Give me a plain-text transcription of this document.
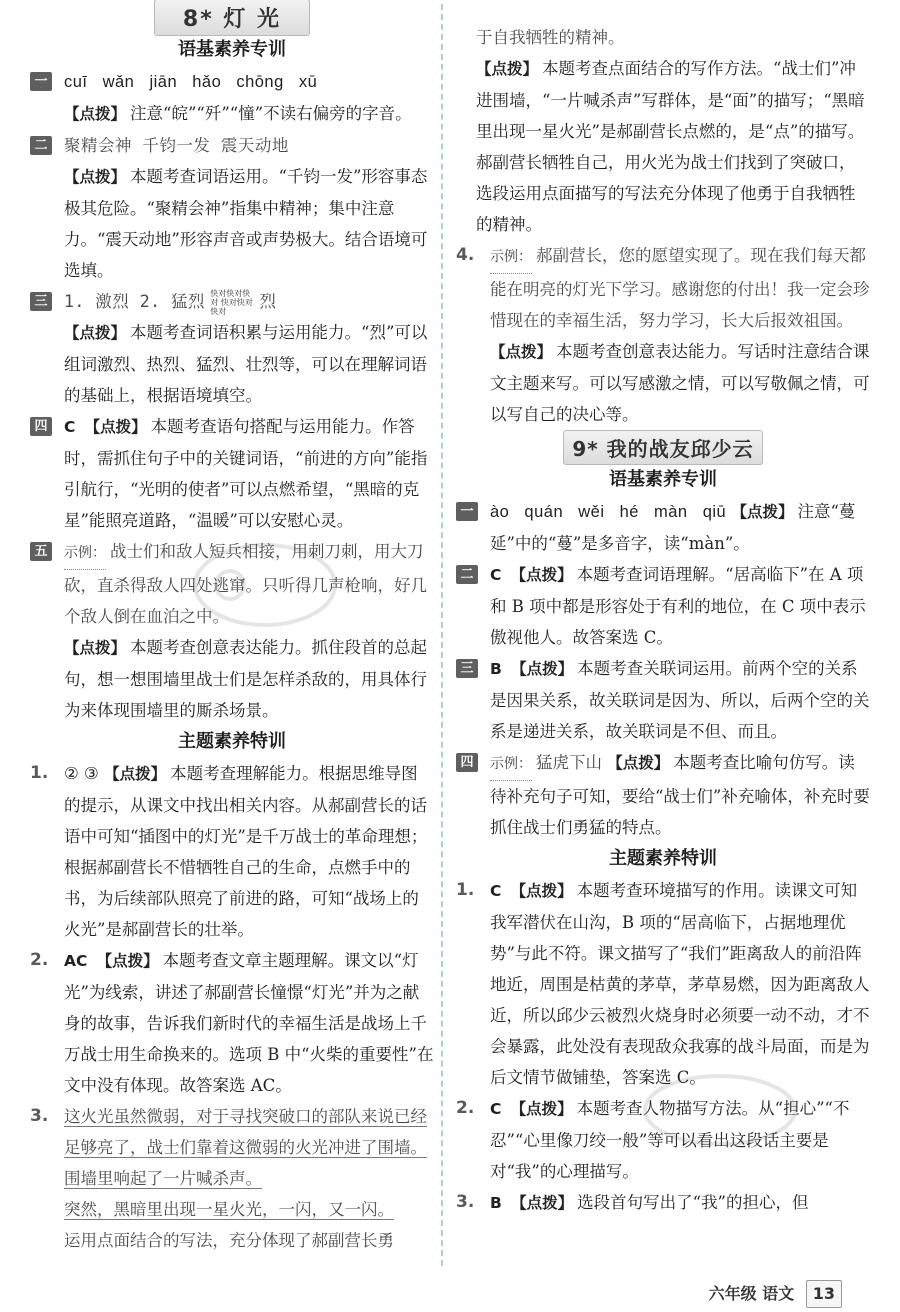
8* 灯 光
语基素养专训
一 cuī wǎn jiān hǎo chōng xū
【点拨】 注意“皖”“歼”“憧”不读右偏旁的字音。
二 聚精会神 千钧一发 震天动地
【点拨】 本题考查词语运用。“千钧一发”形容事态极其危险。“聚精会神”指集中精神；集中注意力。“震天动地”形容声音或声势极大。结合语境可选填。
三 1. 激烈 2. 猛烈 快对快对快对 快对快对快对 烈
【点拨】 本题考查词语积累与运用能力。“烈”可以组词激烈、热烈、猛烈、壮烈等，可以在理解词语的基础上，根据语境填空。
四 C 【点拨】 本题考查语句搭配与运用能力。作答时，需抓住句子中的关键词语，“前进的方向”能指引航行，“光明的使者”可以点燃希望，“黑暗的克星”能照亮道路，“温暖”可以安慰心灵。
五	示例： 战士们和敌人短兵相接，用刺刀刺，用大刀砍，直杀得敌人四处逃窜。只听得几声枪响，好几个敌人倒在血泊之中。
【点拨】 本题考查创意表达能力。抓住段首的总起句，想一想围墙里战士们是怎样杀敌的，用具体行为来体现围墙里的厮杀场景。
主题素养特训
1. ② ③ 【点拨】 本题考查理解能力。根据思维导图的提示，从课文中找出相关内容。从郝副营长的话语中可知“插图中的灯光”是千万战士的革命理想；根据郝副营长不惜牺牲自己的生命，点燃手中的书，为后续部队照亮了前进的路，可知“战场上的火光”是郝副营长的壮举。
2. AC 【点拨】 本题考查文章主题理解。课文以“灯光”为线索，讲述了郝副营长憧憬“灯光”并为之献身的故事，告诉我们新时代的幸福生活是战场上千万战士用生命换来的。选项 B 中“火柴的重要性”在文中没有体现。故答案选 AC。
3. 这火光虽然微弱，对于寻找突破口的部队来说已经足够亮了，战士们靠着这微弱的火光冲进了围墙。 围墙里响起了一片喊杀声。
突然，黑暗里出现一星火光，一闪，又一闪。
运用点面结合的写法，充分体现了郝副营长勇
于自我牺牲的精神。
【点拨】 本题考查点面结合的写作方法。“战士们”冲进围墙，“一片喊杀声”写群体，是“面”的描写；“黑暗里出现一星火光”是郝副营长点燃的，是“点”的描写。郝副营长牺牲自己，用火光为战士们找到了突破口，选段运用点面描写的写法充分体现了他勇于自我牺牲的精神。
4. 示例： 郝副营长，您的愿望实现了。现在我们每天都能在明亮的灯光下学习。感谢您的付出！我一定会珍惜现在的幸福生活，努力学习，长大后报效祖国。
【点拨】 本题考查创意表达能力。写话时注意结合课文主题来写。可以写感激之情，可以写敬佩之情，可以写自己的决心等。
9* 我的战友邱少云
语基素养专训
一 ào quán wěi hé màn qiū 【点拨】 注意“蔓延”中的“蔓”是多音字，读“màn”。
二 C 【点拨】 本题考查词语理解。“居高临下”在 A 项和 B 项中都是形容处于有利的地位，在 C 项中表示傲视他人。故答案选 C。
三 B 【点拨】 本题考查关联词运用。前两个空的关系是因果关系，故关联词是因为、所以，后两个空的关系是递进关系，故关联词是不但、而且。
四	示例： 猛虎下山 【点拨】 本题考查比喻句仿写。读待补充句子可知，要给“战士们”补充喻体，补充时要抓住战士们勇猛的特点。
主题素养特训
1. C 【点拨】 本题考查环境描写的作用。读课文可知我军潜伏在山沟，B 项的“居高临下，占据地理优势”与此不符。课文描写了“我们”距离敌人的前沿阵地近，周围是枯黄的茅草，茅草易燃，因为距离敌人近，所以邱少云被烈火烧身时必须要一动不动，才不会暴露，此处没有表现敌众我寡的战斗局面，而是为后文情节做铺垫，答案选 C。
2. C 【点拨】 本题考查人物描写方法。从“担心”“不忍”“心里像刀绞一般”等可以看出这段话主要是对“我”的心理描写。
3. B 【点拨】 选段首句写出了“我”的担心，但
六年级 语文 13
